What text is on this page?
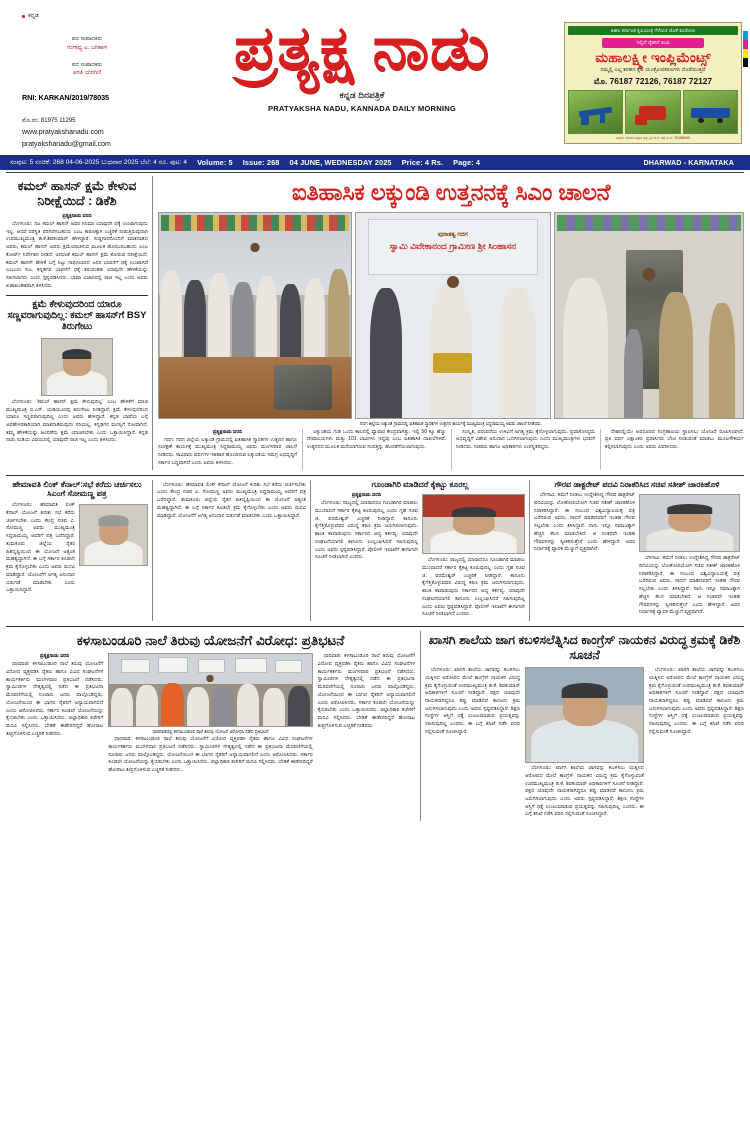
ಕನ್ನಡ
ಪದ ಸಂಪಾದಕರು
ಗಂಗಾಧ್ಯ ಎ. ಜಗಿಹಾಳ
ಪದ ಸಂಪಾದಕರು
ಆರತಿ ಯರಗಿಣಿ
RNI: KARKAN/2019/78035
ಮೊ.ನಂ: 81975 11295
www.pratyakshanadu.com
pratyakshanadu@gmail.com
ಪ್ರತ್ಯಕ್ಷ ನಾಡು
ಕನ್ನಡ ದಿನಪತ್ರಿಕೆ
PRATYAKSHA NADU, KANNADA DAILY MORNING
ಅಖಿಲ ಕರ್ನಾಟಕ ಕೃಷಿಯಂತ್ರ ಗೆಳೆಯರ ಜೊತೆ ಕೂಡೋಣ
ಇಲ್ಲಿದೆ ರೈತರಿಗೆ ಖುಷಿ
ಮಹಾಲಕ್ಷ್ಮೀ ಇಂಪ್ಲಿಮೆಂಟ್ಸ್
ನಮ್ಮಲ್ಲಿ ಎಲ್ಲ ತರಹದ ಕೃಷಿ ಯಂತ್ರೋಪಕರಣಗಳು ದೊರೆಯುತ್ತವೆ
ಮೊ. 76187 72126, 76187 72127
ವಿಳಾಸ: ಗದಗಿನ ಬಳ್ಳಾರಿ ರಸ್ತೆ, ಶ್ರೀ ಬಿ.ಕೆ. ರಸ್ತೆ-ಹಿ ಎ: 76186949
ಸಂಪುಟ: 5 ಸಂಚಿಕೆ: 268 04-06-2025 ಬುಧವಾರ 2025 ಬೆಲೆ: 4 ರೂ. ಪುಟ: 4 Volume: 5 Issue: 268 04 JUNE, WEDNESDAY 2025 Price: 4 Rs. Page: 4	DHARWAD - KARNATAKA
ಕಮಲ್ ಹಾಸನ್ ಕ್ಷಮೆ ಕೇಳುವ ನಿರೀಕ್ಷೆಯಿದೆ : ಡಿಕೆಶಿ
ಪ್ರತ್ಯಕ್ಷನಾಡು ವರದಿ

ಬೆಂಗಳೂರು: ನಟ ಕಮಲ್ ಹಾಸನ್ ಅವರ ಸಿನಿಮಾ ಯಾವುದೇ ಧಕ್ಕೆ ಉಂಟಾಗುವುದು ಇಲ್ಲ. ಆದರೆ ಪರಿಸ್ಥಿತಿ ಪರಿಗಣಿಸಬಹುದು ಎಂಬ ಕಾರಣಕ್ಕಾಗಿ ಎಚ್ಚರಿಕೆ ನೀಡುತ್ತಿರುವುದಾಗಿ ಉಪಮುಖ್ಯಮಂತ್ರಿ ಡಿ.ಕೆ.ಶಿವಕುಮಾರ್ ಹೇಳಿದ್ದಾರೆ. ಸುದ್ದಿಗಾರರೊಂದಿಗೆ ಮಾತನಾಡಿದ ಅವರು, ಕಮಲ್ ಹಾಸನ್ ಅವರು ಕ್ಷಮೆಯಾಚಿಸುವ ಮೂಲಕ ಹೊರಬರಬಹುದು ಎಂಬ ಕೋರ್ಟ್ ನಿರ್ದೇಶನ ನೀಡಿದೆ. ಅದರಂತೆ ಕಮಲ್ ಹಾಸನ್ ಕ್ಷಮೆ ಕೋರುವ ನಿರೀಕ್ಷೆಯಿದೆ. ಕಮಲ್ ಹಾಸನ್ ಹೇಳಿಕೆ ಬಗ್ಗೆ ಸಿಟ್ಟು ಸಾಧಿಸಿಲಾರದ ಜನರ ಭಾವನೆಗೆ ಧಕ್ಕೆ ಉಂಟಾಗಿದೆ ಎಂಬುದು ನಿಜ. ಕನ್ನಡಿಗರ ಭಾವನೆಗೆ ಧಕ್ಕೆ ತರುವಂತಹ ಯಾವುದೇ ಹೇಳಿಕೆಯನ್ನು ಸಹಿಸಲಾಗದು ಎಂದು ಸ್ಪಷ್ಟಪಡಿಸಿದರು. ಭಾಷಾ ವಿಚಾರದಲ್ಲಿ ರಾಜಿ ಇಲ್ಲ ಎಂದು ಅವರು ಖಡಾಖಂಡಿತವಾಗಿ ತಿಳಿಸಿದರು.

ಕ್ಷಮೆ ಕೇಳುವುದರಿಂದ ಯಾರೂ ಸಣ್ಣವರಾಗುವುದಿಲ್ಲ: ಕಮಲ್ ಹಾಸನ್‌ಗೆ BSY ತಿರುಗೇಟು

ಬೆಂಗಳೂರು: 'ಕಮಲ್ ಹಾಸನ್ ಕ್ಷಮೆ ಕೇಳುವುದಿಲ್ಲ' ಎಂಬ ಹೇಳಿಕೆಗೆ ಮಾಜಿ ಮುಖ್ಯಮಂತ್ರಿ ಬಿ.ಎಸ್. ಯಡಿಯೂರಪ್ಪ ತಿರುಗೇಟು ನೀಡಿದ್ದಾರೆ. ಕ್ಷಮೆ ಕೇಳುವುದರಿಂದ ಯಾರೂ ಸಣ್ಣವರಾಗುವುದಿಲ್ಲ ಎಂದು ಅವರು ಹೇಳಿದ್ದಾರೆ. ಕನ್ನಡ ಭಾಷೆಯ ಬಗ್ಗೆ ಅವಹೇಳನಕಾರಿಯಾಗಿ ಮಾತನಾಡಿರುವುದು ಸರಿಯಲ್ಲ. ಕನ್ನಡಿಗರ ಮನಸ್ಸಿಗೆ ನೋವಾಗಿದೆ. ತಮ್ಮ ಹೇಳಿಕೆಯನ್ನು ಹಿಂಪಡೆದು ಕ್ಷಮೆ ಯಾಚಿಸಬೇಕು ಎಂದು ಒತ್ತಾಯಿಸಿದ್ದಾರೆ. ಕನ್ನಡ ನಾಡು ನುಡಿಯ ವಿಷಯದಲ್ಲಿ ಯಾವುದೇ ರಾಜಿ ಇಲ್ಲ ಎಂದು ತಿಳಿಸಿದರು.

ಐತಿಹಾಸಿಕ ಲಕ್ಕುಂಡಿ ಉತ್ತನನಕ್ಕೆ ಸಿಎಂ ಚಾಲನೆ
ಪುರಾತತ್ವ ಗದಗ
ಸ್ವಾಮಿ ವಿವೇಕಾನಂದ ಗ್ರಾಮೀಣ ಶ್ರೀ ಸಿಂಹಾಸನ
ಗದಗ ಜಿಲ್ಲೆಯ ಲಕ್ಕುಂಡಿ ಗ್ರಾಮದಲ್ಲಿ ಐತಿಹಾಸಿಕ ಸ್ಮಾರಕಗಳ ಉತ್ಖನನ ಕಾರ್ಯಕ್ಕೆ ಮುಖ್ಯಮಂತ್ರಿ ಸಿದ್ದರಾಮಯ್ಯ ಅವರು ಚಾಲನೆ ನೀಡಿದರು.
ಪ್ರತ್ಯಕ್ಷನಾಡು ವರದಿ

ಗದಗ: ಗದಗ ಜಿಲ್ಲೆಯ ಲಕ್ಕುಂಡಿ ಗ್ರಾಮದಲ್ಲಿ ಐತಿಹಾಸಿಕ ಸ್ಮಾರಕಗಳ ಉತ್ಖನನ ಹಾಗೂ ಸಂರಕ್ಷಣೆ ಕಾರ್ಯಕ್ಕೆ ಮುಖ್ಯಮಂತ್ರಿ ಸಿದ್ದರಾಮಯ್ಯ ಅವರು ಮಂಗಳವಾರ ಚಾಲನೆ ನೀಡಿದರು. ಸಾವಿರಾರು ವರ್ಷಗಳ ಇತಿಹಾಸ ಹೊಂದಿರುವ ಲಕ್ಕುಂಡಿಯ ಸಮಗ್ರ ಅಭಿವೃದ್ಧಿಗೆ ಸರ್ಕಾರ ಬದ್ಧವಾಗಿದೆ ಎಂದು ಅವರು ತಿಳಿಸಿದರು.

ಲಕ್ಕುಂಡಿಯ ಗುಡಿ ಒಂದು ಕಾಲದಲ್ಲಿ ವ್ಯಾಪಾರ ಕೇಂದ್ರವಾಗಿತ್ತು. ಇಲ್ಲಿ 50 ಕ್ಕೂ ಹೆಚ್ಚು ದೇವಾಲಯಗಳು ಮತ್ತು 101 ಬಾವಿಗಳು ಇದ್ದವು ಎಂಬ ಐತಿಹಾಸಿಕ ದಾಖಲೆಗಳಿವೆ. ಉತ್ಖನನದ ಮೂಲಕ ಮರೆಯಾಗಿರುವ ಸಂಪತ್ತನ್ನು ಹೊರತೆಗೆಯಲಾಗುವುದು.

ಸಂಸ್ಕೃತಿ, ಪರಂಪರೆಯ ಉಳಿವಿಗೆ ಅಗತ್ಯ ಕ್ರಮ ಕೈಗೊಳ್ಳಲಾಗುವುದು. ಪ್ರವಾಸೋದ್ಯಮ ಅಭಿವೃದ್ಧಿಗೆ ವಿಶೇಷ ಅನುದಾನ ಒದಗಿಸಲಾಗುವುದು ಎಂದು ಮುಖ್ಯಮಂತ್ರಿಗಳು ಭರವಸೆ ನೀಡಿದರು. ಸಚಿವರು ಹಾಗೂ ಅಧಿಕಾರಿಗಳು ಉಪಸ್ಥಿತರಿದ್ದರು.

ದೇಶದಲ್ಲಿಯೇ ಅಪರೂಪದ ಸಂಗ್ರಹಾಲಯ ಸ್ಥಾಪಿಸಲು ಯೋಜನೆ ರೂಪಿಸಲಾಗಿದೆ. ಪ್ರತಿ ವರ್ಷ ಲಕ್ಷಾಂತರ ಪ್ರವಾಸಿಗರು ಭೇಟಿ ನೀಡುವಂತೆ ಮಾಡಲು ಮೂಲಸೌಕರ್ಯ ಕಲ್ಪಿಸಲಾಗುವುದು ಎಂದು ಅವರು ವಿವರಿಸಿದರು.

ಹೇಮಾವತಿ ಲಿಂಕ್ ಕೆನಾಲ್:ಸಭೆ ಕರೆದು ಚರ್ಚಿಸಲು ಸಿಎಂಗೆ ಸೋಮಣ್ಣ ಪತ್ರ

ಬೆಂಗಳೂರು: ಹೇಮಾವತಿ ಲಿಂಕ್ ಕೆನಾಲ್ ಯೋಜನೆ ಕುರಿತು ಸಭೆ ಕರೆದು ಚರ್ಚಿಸಬೇಕು ಎಂದು ಕೇಂದ್ರ ಸಚಿವ ವಿ. ಸೋಮಣ್ಣ ಅವರು ಮುಖ್ಯಮಂತ್ರಿ ಸಿದ್ದರಾಮಯ್ಯ ಅವರಿಗೆ ಪತ್ರ ಬರೆದಿದ್ದಾರೆ. ತುಮಕೂರು ಜಿಲ್ಲೆಯ ರೈತರ ಹಿತದೃಷ್ಟಿಯಿಂದ ಈ ಯೋಜನೆ ಅತ್ಯಂತ ಮಹತ್ವದ್ದಾಗಿದೆ. ಈ ಬಗ್ಗೆ ಸರ್ಕಾರ ಕೂಡಲೇ ಕ್ರಮ ಕೈಗೊಳ್ಳಬೇಕು ಎಂದು ಅವರು ಮನವಿ ಮಾಡಿದ್ದಾರೆ. ಯೋಜನೆಗೆ ಅಗತ್ಯ ಅನುದಾನ ಬಿಡುಗಡೆ ಮಾಡಬೇಕು ಎಂದು ಒತ್ತಾಯಿಸಿದ್ದಾರೆ.

ಬೆಂಗಳೂರು: ಹೇಮಾವತಿ ಲಿಂಕ್ ಕೆನಾಲ್ ಯೋಜನೆ ಕುರಿತು ಸಭೆ ಕರೆದು ಚರ್ಚಿಸಬೇಕು ಎಂದು ಕೇಂದ್ರ ಸಚಿವ ವಿ. ಸೋಮಣ್ಣ ಅವರು ಮುಖ್ಯಮಂತ್ರಿ ಸಿದ್ದರಾಮಯ್ಯ ಅವರಿಗೆ ಪತ್ರ ಬರೆದಿದ್ದಾರೆ. ತುಮಕೂರು ಜಿಲ್ಲೆಯ ರೈತರ ಹಿತದೃಷ್ಟಿಯಿಂದ ಈ ಯೋಜನೆ ಅತ್ಯಂತ ಮಹತ್ವದ್ದಾಗಿದೆ. ಈ ಬಗ್ಗೆ ಸರ್ಕಾರ ಕೂಡಲೇ ಕ್ರಮ ಕೈಗೊಳ್ಳಬೇಕು ಎಂದು ಅವರು ಮನವಿ ಮಾಡಿದ್ದಾರೆ. ಯೋಜನೆಗೆ ಅಗತ್ಯ ಅನುದಾನ ಬಿಡುಗಡೆ ಮಾಡಬೇಕು ಎಂದು ಒತ್ತಾಯಿಸಿದ್ದಾರೆ.

ಗೂಂಡಾಗಿರಿ ಮಾಡಿದರೆ ಕೈಕಟ್ಟು ಕೂರಲ್ಲ
ಪ್ರತ್ಯಕ್ಷನಾಡು ವರದಿ

ಬೆಂಗಳೂರು: ರಾಜ್ಯದಲ್ಲಿ ಯಾರಾದರೂ ಗೂಂಡಾಗಿರಿ ಮಾಡಲು ಮುಂದಾದರೆ ಸರ್ಕಾರ ಕೈಕಟ್ಟಿ ಕೂರುವುದಿಲ್ಲ ಎಂದು ಗೃಹ ಸಚಿವ ಜಿ. ಪರಮೇಶ್ವರ್ ಎಚ್ಚರಿಕೆ ನೀಡಿದ್ದಾರೆ. ಕಾನೂನು ಕೈಗೆತ್ತಿಕೊಳ್ಳುವವರ ವಿರುದ್ಧ ಕಠಿಣ ಕ್ರಮ ಜರುಗಿಸಲಾಗುವುದು. ಶಾಂತಿ ಕಾಪಾಡುವುದು ಸರ್ಕಾರದ ಆದ್ಯ ಕರ್ತವ್ಯ. ಯಾವುದೇ ಸಂಘಟನೆಯಾಗಲಿ ಕಾನೂನು ಉಲ್ಲಂಘಿಸಿದರೆ ಸಹಿಸುವುದಿಲ್ಲ ಎಂದು ಅವರು ಸ್ಪಷ್ಟಪಡಿಸಿದ್ದಾರೆ. ಪೊಲೀಸ್ ಇಲಾಖೆಗೆ ಈಗಾಗಲೇ ಸೂಚನೆ ನೀಡಲಾಗಿದೆ ಎಂದರು.	ಬೆಂಗಳೂರು: ರಾಜ್ಯದಲ್ಲಿ ಯಾರಾದರೂ ಗೂಂಡಾಗಿರಿ ಮಾಡಲು ಮುಂದಾದರೆ ಸರ್ಕಾರ ಕೈಕಟ್ಟಿ ಕೂರುವುದಿಲ್ಲ ಎಂದು ಗೃಹ ಸಚಿವ ಜಿ. ಪರಮೇಶ್ವರ್ ಎಚ್ಚರಿಕೆ ನೀಡಿದ್ದಾರೆ. ಕಾನೂನು ಕೈಗೆತ್ತಿಕೊಳ್ಳುವವರ ವಿರುದ್ಧ ಕಠಿಣ ಕ್ರಮ ಜರುಗಿಸಲಾಗುವುದು. ಶಾಂತಿ ಕಾಪಾಡುವುದು ಸರ್ಕಾರದ ಆದ್ಯ ಕರ್ತವ್ಯ. ಯಾವುದೇ ಸಂಘಟನೆಯಾಗಲಿ ಕಾನೂನು ಉಲ್ಲಂಘಿಸಿದರೆ ಸಹಿಸುವುದಿಲ್ಲ ಎಂದು ಅವರು ಸ್ಪಷ್ಟಪಡಿಸಿದ್ದಾರೆ. ಪೊಲೀಸ್ ಇಲಾಖೆಗೆ ಈಗಾಗಲೇ ಸೂಚನೆ ನೀಡಲಾಗಿದೆ ಎಂದರು.

ಗೌರವ ಡಾಕ್ಟರೇಟ್ ಪದವಿ ನಿರಾಕರಿಸಿದ ಸಚಿವ ಸತೀಶ್ ಜಾರಕಿಹೊಳಿ

ಬೆಳಗಾವಿ: ತಮಗೆ ನೀಡಲು ಉದ್ದೇಶಿಸಿದ್ದ ಗೌರವ ಡಾಕ್ಟರೇಟ್ ಪದವಿಯನ್ನು ಲೋಕೋಪಯೋಗಿ ಸಚಿವ ಸತೀಶ್ ಜಾರಕಿಹೊಳಿ ನಿರಾಕರಿಸಿದ್ದಾರೆ. ಈ ಸಂಬಂಧ ವಿಶ್ವವಿದ್ಯಾಲಯಕ್ಕೆ ಪತ್ರ ಬರೆದಿರುವ ಅವರು, ಸಾಧನೆ ಮಾಡಿದವರಿಗೆ ಇಂತಹ ಗೌರವ ಸಲ್ಲಬೇಕು ಎಂದು ತಿಳಿಸಿದ್ದಾರೆ. ನಾನು ಇನ್ನೂ ಸಮಾಜಕ್ಕಾಗಿ ಹೆಚ್ಚಿನ ಕೆಲಸ ಮಾಡಬೇಕಿದೆ. ಆ ನಂತರವೇ ಇಂತಹ ಗೌರವಗಳನ್ನು ಸ್ವೀಕರಿಸುತ್ತೇನೆ ಎಂದು ಹೇಳಿದ್ದಾರೆ. ಅವರ ನಿರ್ಧಾರಕ್ಕೆ ವ್ಯಾಪಕ ಮೆಚ್ಚುಗೆ ವ್ಯಕ್ತವಾಗಿದೆ.

ಬೆಳಗಾವಿ: ತಮಗೆ ನೀಡಲು ಉದ್ದೇಶಿಸಿದ್ದ ಗೌರವ ಡಾಕ್ಟರೇಟ್ ಪದವಿಯನ್ನು ಲೋಕೋಪಯೋಗಿ ಸಚಿವ ಸತೀಶ್ ಜಾರಕಿಹೊಳಿ ನಿರಾಕರಿಸಿದ್ದಾರೆ. ಈ ಸಂಬಂಧ ವಿಶ್ವವಿದ್ಯಾಲಯಕ್ಕೆ ಪತ್ರ ಬರೆದಿರುವ ಅವರು, ಸಾಧನೆ ಮಾಡಿದವರಿಗೆ ಇಂತಹ ಗೌರವ ಸಲ್ಲಬೇಕು ಎಂದು ತಿಳಿಸಿದ್ದಾರೆ. ನಾನು ಇನ್ನೂ ಸಮಾಜಕ್ಕಾಗಿ ಹೆಚ್ಚಿನ ಕೆಲಸ ಮಾಡಬೇಕಿದೆ. ಆ ನಂತರವೇ ಇಂತಹ ಗೌರವಗಳನ್ನು ಸ್ವೀಕರಿಸುತ್ತೇನೆ ಎಂದು ಹೇಳಿದ್ದಾರೆ. ಅವರ ನಿರ್ಧಾರಕ್ಕೆ ವ್ಯಾಪಕ ಮೆಚ್ಚುಗೆ ವ್ಯಕ್ತವಾಗಿದೆ.

ಕಳಸಾಬಂಡೂರಿ ನಾಲೆ ತಿರುವು ಯೋಜನೆಗೆ ವಿರೋಧ: ಪ್ರತಿಭಟನೆ
ಪ್ರತ್ಯಕ್ಷನಾಡು ವರದಿ

ಧಾರವಾಡ: ಕಳಸಾಬಂಡೂರಿ ನಾಲೆ ತಿರುವು ಯೋಜನೆಗೆ ವಿರೋಧ ವ್ಯಕ್ತಪಡಿಸಿ ರೈತರು ಹಾಗೂ ವಿವಿಧ ಸಂಘಟನೆಗಳ ಕಾರ್ಯಕರ್ತರು ಮಂಗಳವಾರ ಪ್ರತಿಭಟನೆ ನಡೆಸಿದರು. ಸ್ವಾಮೀಜಿಗಳ ನೇತೃತ್ವದಲ್ಲಿ ನಡೆದ ಈ ಪ್ರತಿಭಟನಾ ಮೆರವಣಿಗೆಯಲ್ಲಿ ನೂರಾರು ಜನರು ಪಾಲ್ಗೊಂಡಿದ್ದರು. ಯೋಜನೆಯಿಂದ ಈ ಭಾಗದ ರೈತರಿಗೆ ಅನ್ಯಾಯವಾಗಲಿದೆ ಎಂದು ಆರೋಪಿಸಿದರು. ಸರ್ಕಾರ ಕೂಡಲೇ ಯೋಜನೆಯನ್ನು ಕೈಬಿಡಬೇಕು ಎಂದು ಒತ್ತಾಯಿಸಿದರು. ಜಿಲ್ಲಾಧಿಕಾರಿ ಕಚೇರಿಗೆ ಮನವಿ ಸಲ್ಲಿಸಿದರು. ಬೇಡಿಕೆ ಈಡೇರದಿದ್ದರೆ ಹೋರಾಟ ತೀವ್ರಗೊಳಿಸುವ ಎಚ್ಚರಿಕೆ ನೀಡಿದರು.	ಧಾರವಾಡದಲ್ಲಿ ಕಳಸಾಬಂಡೂರಿ ನಾಲೆ ತಿರುವು ಯೋಜನೆ ವಿರೋಧಿಸಿ ನಡೆದ ಪ್ರತಿಭಟನೆ

ಧಾರವಾಡ: ಕಳಸಾಬಂಡೂರಿ ನಾಲೆ ತಿರುವು ಯೋಜನೆಗೆ ವಿರೋಧ ವ್ಯಕ್ತಪಡಿಸಿ ರೈತರು ಹಾಗೂ ವಿವಿಧ ಸಂಘಟನೆಗಳ ಕಾರ್ಯಕರ್ತರು ಮಂಗಳವಾರ ಪ್ರತಿಭಟನೆ ನಡೆಸಿದರು. ಸ್ವಾಮೀಜಿಗಳ ನೇತೃತ್ವದಲ್ಲಿ ನಡೆದ ಈ ಪ್ರತಿಭಟನಾ ಮೆರವಣಿಗೆಯಲ್ಲಿ ನೂರಾರು ಜನರು ಪಾಲ್ಗೊಂಡಿದ್ದರು. ಯೋಜನೆಯಿಂದ ಈ ಭಾಗದ ರೈತರಿಗೆ ಅನ್ಯಾಯವಾಗಲಿದೆ ಎಂದು ಆರೋಪಿಸಿದರು. ಸರ್ಕಾರ ಕೂಡಲೇ ಯೋಜನೆಯನ್ನು ಕೈಬಿಡಬೇಕು ಎಂದು ಒತ್ತಾಯಿಸಿದರು. ಜಿಲ್ಲಾಧಿಕಾರಿ ಕಚೇರಿಗೆ ಮನವಿ ಸಲ್ಲಿಸಿದರು. ಬೇಡಿಕೆ ಈಡೇರದಿದ್ದರೆ ಹೋರಾಟ ತೀವ್ರಗೊಳಿಸುವ ಎಚ್ಚರಿಕೆ ನೀಡಿದರು.

ಧಾರವಾಡ: ಕಳಸಾಬಂಡೂರಿ ನಾಲೆ ತಿರುವು ಯೋಜನೆಗೆ ವಿರೋಧ ವ್ಯಕ್ತಪಡಿಸಿ ರೈತರು ಹಾಗೂ ವಿವಿಧ ಸಂಘಟನೆಗಳ ಕಾರ್ಯಕರ್ತರು ಮಂಗಳವಾರ ಪ್ರತಿಭಟನೆ ನಡೆಸಿದರು. ಸ್ವಾಮೀಜಿಗಳ ನೇತೃತ್ವದಲ್ಲಿ ನಡೆದ ಈ ಪ್ರತಿಭಟನಾ ಮೆರವಣಿಗೆಯಲ್ಲಿ ನೂರಾರು ಜನರು ಪಾಲ್ಗೊಂಡಿದ್ದರು. ಯೋಜನೆಯಿಂದ ಈ ಭಾಗದ ರೈತರಿಗೆ ಅನ್ಯಾಯವಾಗಲಿದೆ ಎಂದು ಆರೋಪಿಸಿದರು. ಸರ್ಕಾರ ಕೂಡಲೇ ಯೋಜನೆಯನ್ನು ಕೈಬಿಡಬೇಕು ಎಂದು ಒತ್ತಾಯಿಸಿದರು. ಜಿಲ್ಲಾಧಿಕಾರಿ ಕಚೇರಿಗೆ ಮನವಿ ಸಲ್ಲಿಸಿದರು. ಬೇಡಿಕೆ ಈಡೇರದಿದ್ದರೆ ಹೋರಾಟ ತೀವ್ರಗೊಳಿಸುವ ಎಚ್ಚರಿಕೆ ನೀಡಿದರು.

ಖಾಸಗಿ ಶಾಲೆಯ ಜಾಗ ಕಬಳಿಸಲೆತ್ನಿಸಿದ ಕಾಂಗ್ರೆಸ್ ನಾಯಕನ ವಿರುದ್ಧ ಕ್ರಮಕ್ಕೆ ಡಿಕೆಶಿ ಸೂಚನೆ

ಬೆಂಗಳೂರು: ಖಾಸಗಿ ಶಾಲೆಯ ಜಾಗವನ್ನು ಕಬಳಿಸಲು ಯತ್ನಿಸಿದ ಆರೋಪದ ಮೇಲೆ ಕಾಂಗ್ರೆಸ್ ನಾಯಕನ ವಿರುದ್ಧ ಕ್ರಮ ಕೈಗೊಳ್ಳುವಂತೆ ಉಪಮುಖ್ಯಮಂತ್ರಿ ಡಿ.ಕೆ. ಶಿವಕುಮಾರ್ ಅಧಿಕಾರಿಗಳಿಗೆ ಸೂಚನೆ ನೀಡಿದ್ದಾರೆ. ಪಕ್ಷದ ಯಾವುದೇ ನಾಯಕರಾಗಿದ್ದರೂ ತಪ್ಪು ಮಾಡಿದರೆ ಕಾನೂನು ಕ್ರಮ ಜರುಗಿಸಲಾಗುವುದು ಎಂದು ಅವರು ಸ್ಪಷ್ಟಪಡಿಸಿದ್ದಾರೆ. ಶಿಕ್ಷಣ ಸಂಸ್ಥೆಗಳ ಆಸ್ತಿಗೆ ಧಕ್ಕೆ ಉಂಟುಮಾಡುವ ಪ್ರಯತ್ನವನ್ನು ಸಹಿಸುವುದಿಲ್ಲ ಎಂದರು. ಈ ಬಗ್ಗೆ ತನಿಖೆ ನಡೆಸಿ ವರದಿ ಸಲ್ಲಿಸುವಂತೆ ಸೂಚಿಸಿದ್ದಾರೆ.

ಬೆಂಗಳೂರು: ಖಾಸಗಿ ಶಾಲೆಯ ಜಾಗವನ್ನು ಕಬಳಿಸಲು ಯತ್ನಿಸಿದ ಆರೋಪದ ಮೇಲೆ ಕಾಂಗ್ರೆಸ್ ನಾಯಕನ ವಿರುದ್ಧ ಕ್ರಮ ಕೈಗೊಳ್ಳುವಂತೆ ಉಪಮುಖ್ಯಮಂತ್ರಿ ಡಿ.ಕೆ. ಶಿವಕುಮಾರ್ ಅಧಿಕಾರಿಗಳಿಗೆ ಸೂಚನೆ ನೀಡಿದ್ದಾರೆ. ಪಕ್ಷದ ಯಾವುದೇ ನಾಯಕರಾಗಿದ್ದರೂ ತಪ್ಪು ಮಾಡಿದರೆ ಕಾನೂನು ಕ್ರಮ ಜರುಗಿಸಲಾಗುವುದು ಎಂದು ಅವರು ಸ್ಪಷ್ಟಪಡಿಸಿದ್ದಾರೆ. ಶಿಕ್ಷಣ ಸಂಸ್ಥೆಗಳ ಆಸ್ತಿಗೆ ಧಕ್ಕೆ ಉಂಟುಮಾಡುವ ಪ್ರಯತ್ನವನ್ನು ಸಹಿಸುವುದಿಲ್ಲ ಎಂದರು. ಈ ಬಗ್ಗೆ ತನಿಖೆ ನಡೆಸಿ ವರದಿ ಸಲ್ಲಿಸುವಂತೆ ಸೂಚಿಸಿದ್ದಾರೆ.

ಬೆಂಗಳೂರು: ಖಾಸಗಿ ಶಾಲೆಯ ಜಾಗವನ್ನು ಕಬಳಿಸಲು ಯತ್ನಿಸಿದ ಆರೋಪದ ಮೇಲೆ ಕಾಂಗ್ರೆಸ್ ನಾಯಕನ ವಿರುದ್ಧ ಕ್ರಮ ಕೈಗೊಳ್ಳುವಂತೆ ಉಪಮುಖ್ಯಮಂತ್ರಿ ಡಿ.ಕೆ. ಶಿವಕುಮಾರ್ ಅಧಿಕಾರಿಗಳಿಗೆ ಸೂಚನೆ ನೀಡಿದ್ದಾರೆ. ಪಕ್ಷದ ಯಾವುದೇ ನಾಯಕರಾಗಿದ್ದರೂ ತಪ್ಪು ಮಾಡಿದರೆ ಕಾನೂನು ಕ್ರಮ ಜರುಗಿಸಲಾಗುವುದು ಎಂದು ಅವರು ಸ್ಪಷ್ಟಪಡಿಸಿದ್ದಾರೆ. ಶಿಕ್ಷಣ ಸಂಸ್ಥೆಗಳ ಆಸ್ತಿಗೆ ಧಕ್ಕೆ ಉಂಟುಮಾಡುವ ಪ್ರಯತ್ನವನ್ನು ಸಹಿಸುವುದಿಲ್ಲ ಎಂದರು. ಈ ಬಗ್ಗೆ ತನಿಖೆ ನಡೆಸಿ ವರದಿ ಸಲ್ಲಿಸುವಂತೆ ಸೂಚಿಸಿದ್ದಾರೆ.
